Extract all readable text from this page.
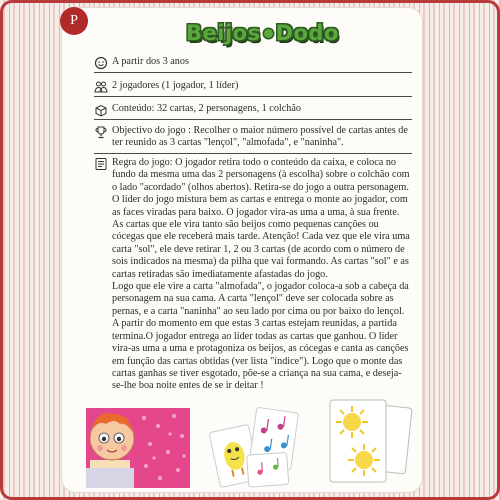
P
Beijos Dodo
A partir dos 3 anos
2 jogadores (1 jogador, 1 líder)
Conteúdo: 32 cartas, 2 personagens, 1 colchão
Objectivo do jogo : Recolher o maior número possível de cartas antes de ter reunido as 3 cartas "lençol", "almofada", e "naninha".

Regra do jogo: O jogador retira todo o conteúdo da caixa, e coloca no fundo da mesma uma das 2 personagens (à escolha) sobre o colchão com o lado "acordado" (olhos abertos). Retira-se do jogo a outra personagem.

O líder do jogo mistura bem as cartas e entrega o monte ao jogador, com as faces viradas para baixo. O jogador vira-as uma a uma, à sua frente.

As cartas que ele vira tanto são beijos como pequenas canções ou cócegas que ele receberá mais tarde. Atenção! Cada vez que ele vira uma carta "sol", ele deve retirar 1, 2 ou 3 cartas (de acordo com o número de sois indicados na mesma) da pilha que vai formando. As cartas "sol" e as cartas retiradas são imediatamente afastadas do jogo.

Logo que ele vire a carta "almofada", o jogador coloca-a sob a cabeça da personagem na sua cama. A carta "lençol" deve ser colocada sobre as pernas, e a carta "naninha" ao seu lado por cima ou por baixo do lençol.

A partir do momento em que estas 3 cartas estejam reunidas, a partida termina.O jogador entrega ao líder todas as cartas que ganhou. O líder vira-as uma a uma e protagoniza os beijos, as cócegas e canta as canções em função das cartas obtidas (ver lista "índice"). Logo que o monte das cartas ganhas se tiver esgotado, põe-se a criança na sua cama, e deseja-se-lhe boa noite entes de se ir deitar !
